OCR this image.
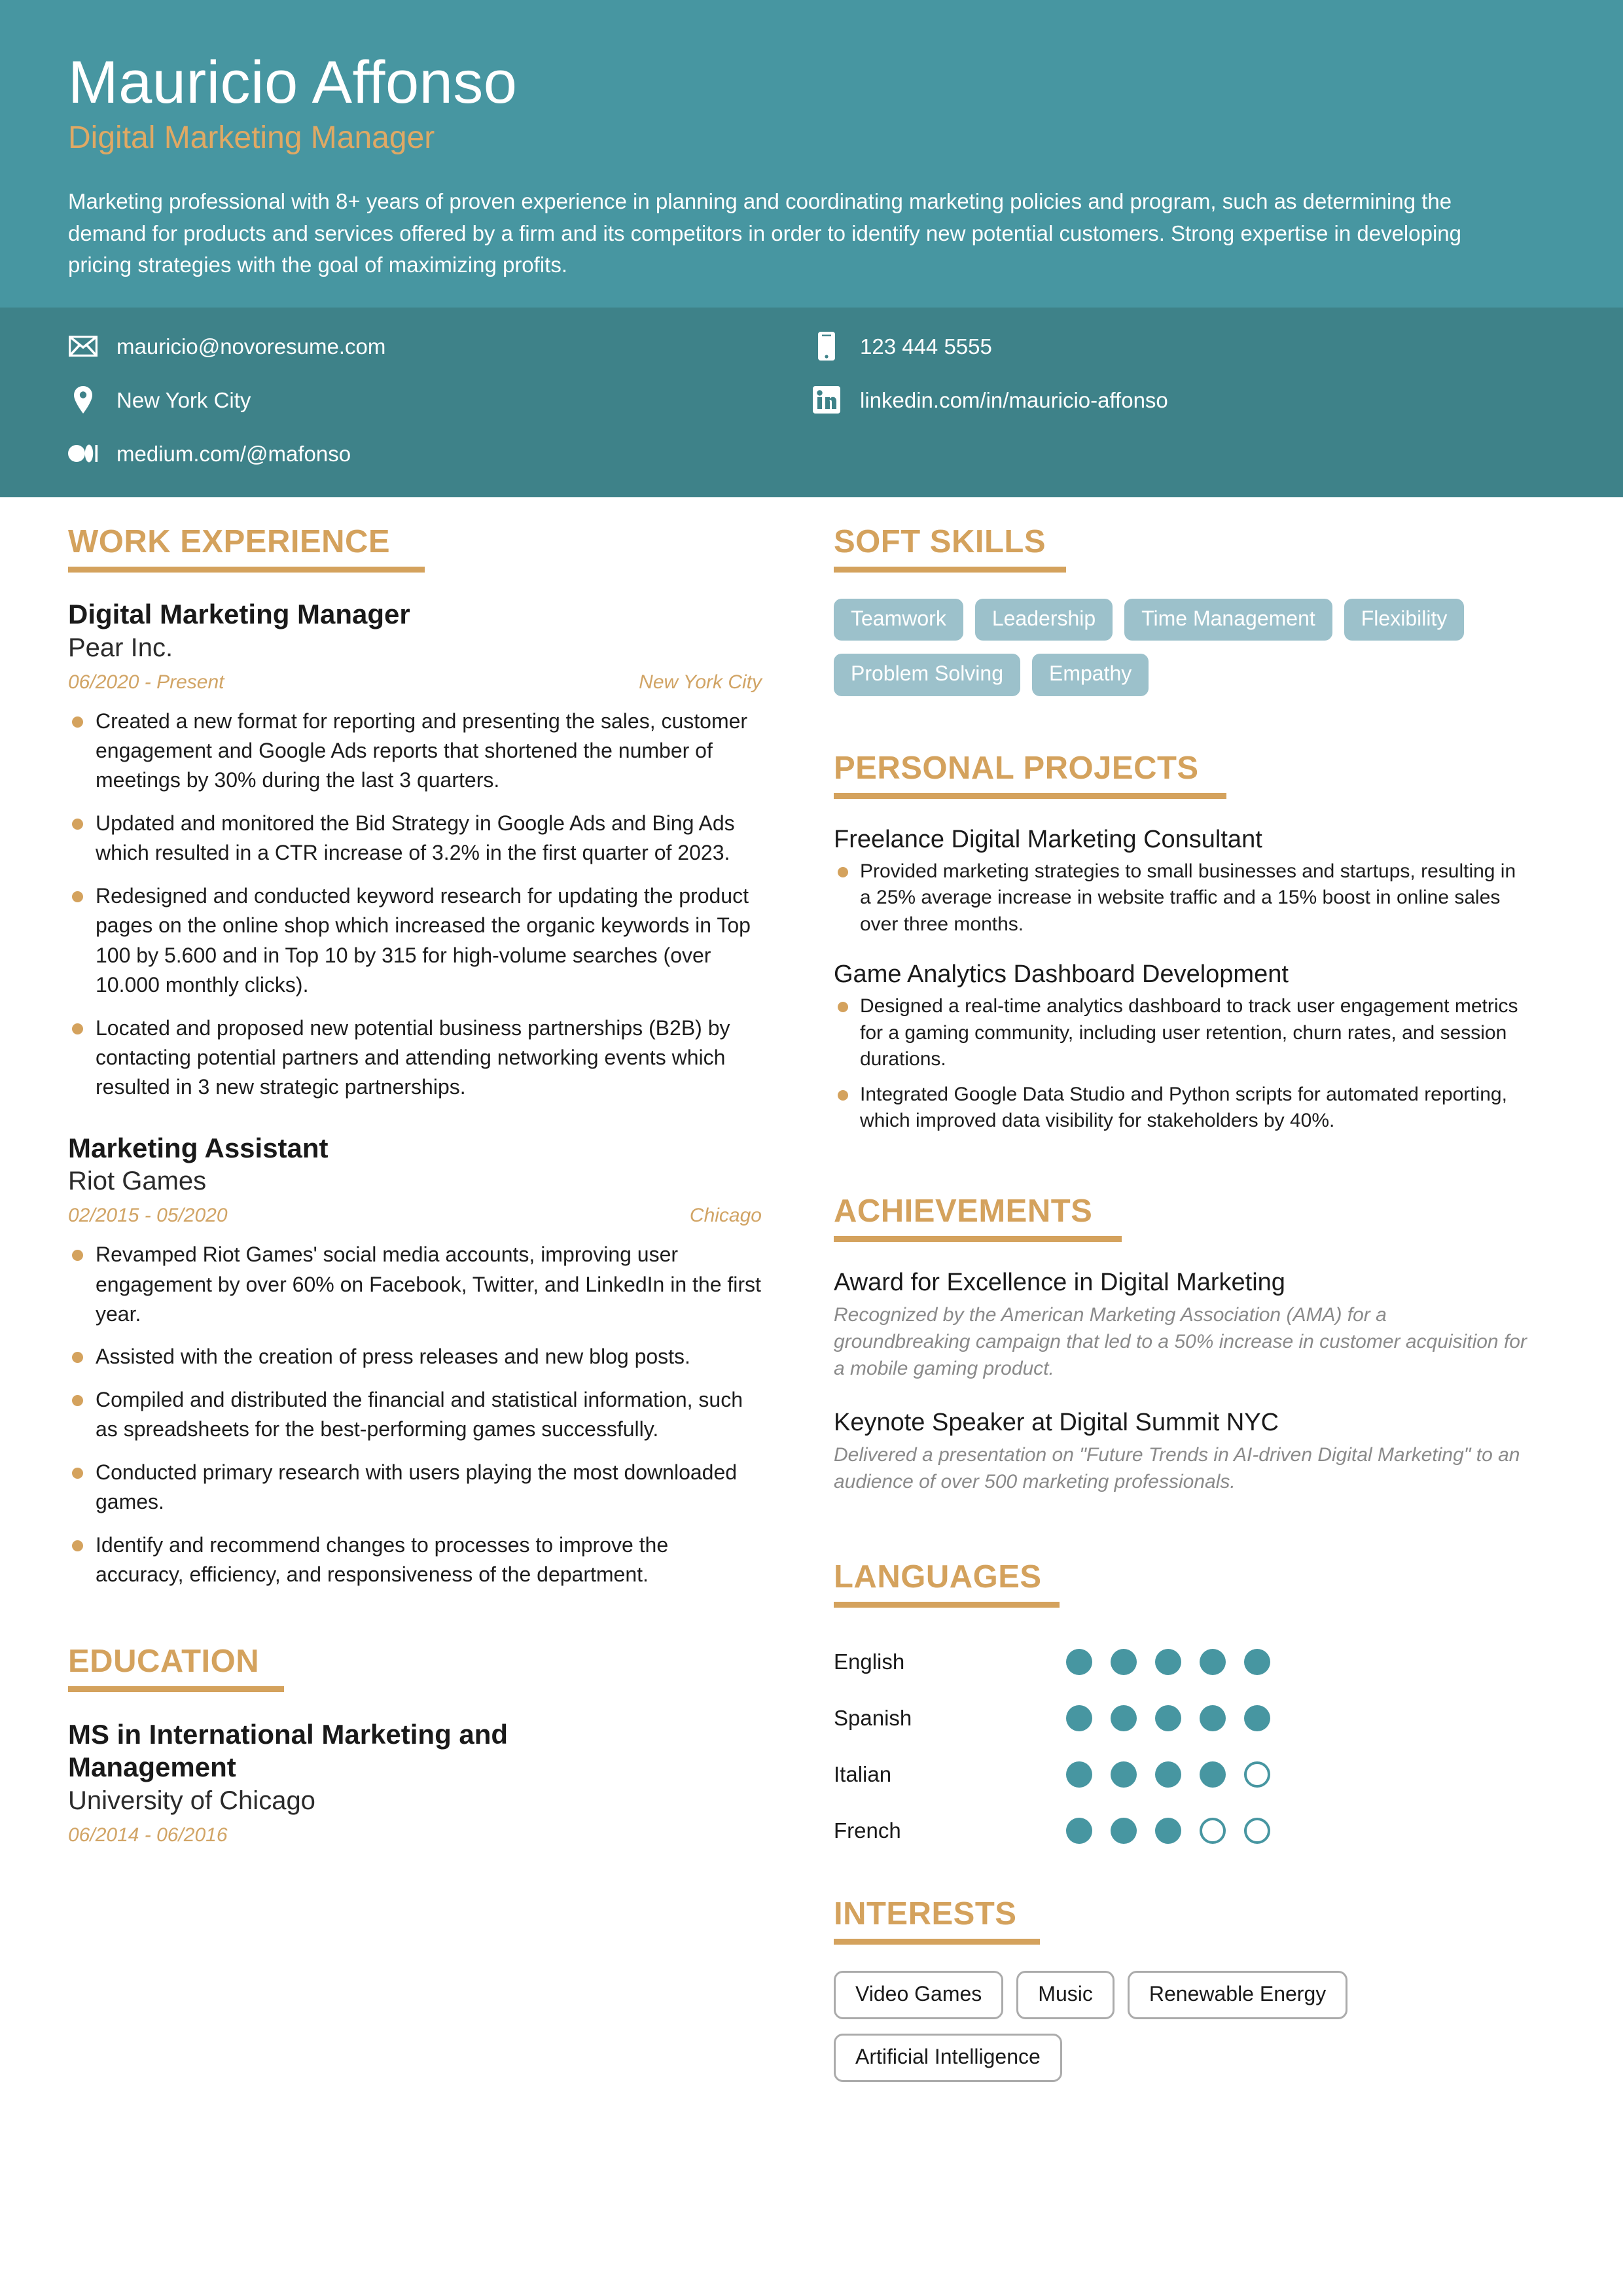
Mauricio Affonso
Digital Marketing Manager
Marketing professional with 8+ years of proven experience in planning and coordinating marketing policies and program, such as determining the demand for products and services offered by a firm and its competitors in order to identify new potential customers. Strong expertise in developing pricing strategies with the goal of maximizing profits.
mauricio@novoresume.com
New York City
medium.com/@mafonso
123 444 5555
linkedin.com/in/mauricio-affonso
WORK EXPERIENCE
Digital Marketing Manager
Pear Inc.
06/2020 - Present	New York City
Created a new format for reporting and presenting the sales, customer engagement and Google Ads reports that shortened the number of meetings by 30% during the last 3 quarters.
Updated and monitored the Bid Strategy in Google Ads and Bing Ads which resulted in a CTR increase of 3.2% in the first quarter of 2023.
Redesigned and conducted keyword research for updating the product pages on the online shop which increased the organic keywords in Top 100 by 5.600 and in Top 10 by 315 for high-volume searches (over 10.000 monthly clicks).
Located and proposed new potential business partnerships (B2B) by contacting potential partners and attending networking events which resulted in 3 new strategic partnerships.
Marketing Assistant
Riot Games
02/2015 - 05/2020	Chicago
Revamped Riot Games' social media accounts, improving user engagement by over 60% on Facebook, Twitter, and LinkedIn in the first year.
Assisted with the creation of press releases and new blog posts.
Compiled and distributed the financial and statistical information, such as spreadsheets for the best-performing games successfully.
Conducted primary research with users playing the most downloaded games.
Identify and recommend changes to processes to improve the accuracy, efficiency, and responsiveness of the department.
EDUCATION
MS in International Marketing and Management
University of Chicago
06/2014 - 06/2016
SOFT SKILLS
Teamwork	Leadership	Time Management	Flexibility
Problem Solving	Empathy
PERSONAL PROJECTS
Freelance Digital Marketing Consultant
Provided marketing strategies to small businesses and startups, resulting in a 25% average increase in website traffic and a 15% boost in online sales over three months.
Game Analytics Dashboard Development
Designed a real-time analytics dashboard to track user engagement metrics for a gaming community, including user retention, churn rates, and session durations.
Integrated Google Data Studio and Python scripts for automated reporting, which improved data visibility for stakeholders by 40%.
ACHIEVEMENTS
Award for Excellence in Digital Marketing
Recognized by the American Marketing Association (AMA) for a groundbreaking campaign that led to a 50% increase in customer acquisition for a mobile gaming product.
Keynote Speaker at Digital Summit NYC
Delivered a presentation on "Future Trends in AI-driven Digital Marketing" to an audience of over 500 marketing professionals.
LANGUAGES
English
Spanish
Italian
French
INTERESTS
Video Games	Music	Renewable Energy
Artificial Intelligence
